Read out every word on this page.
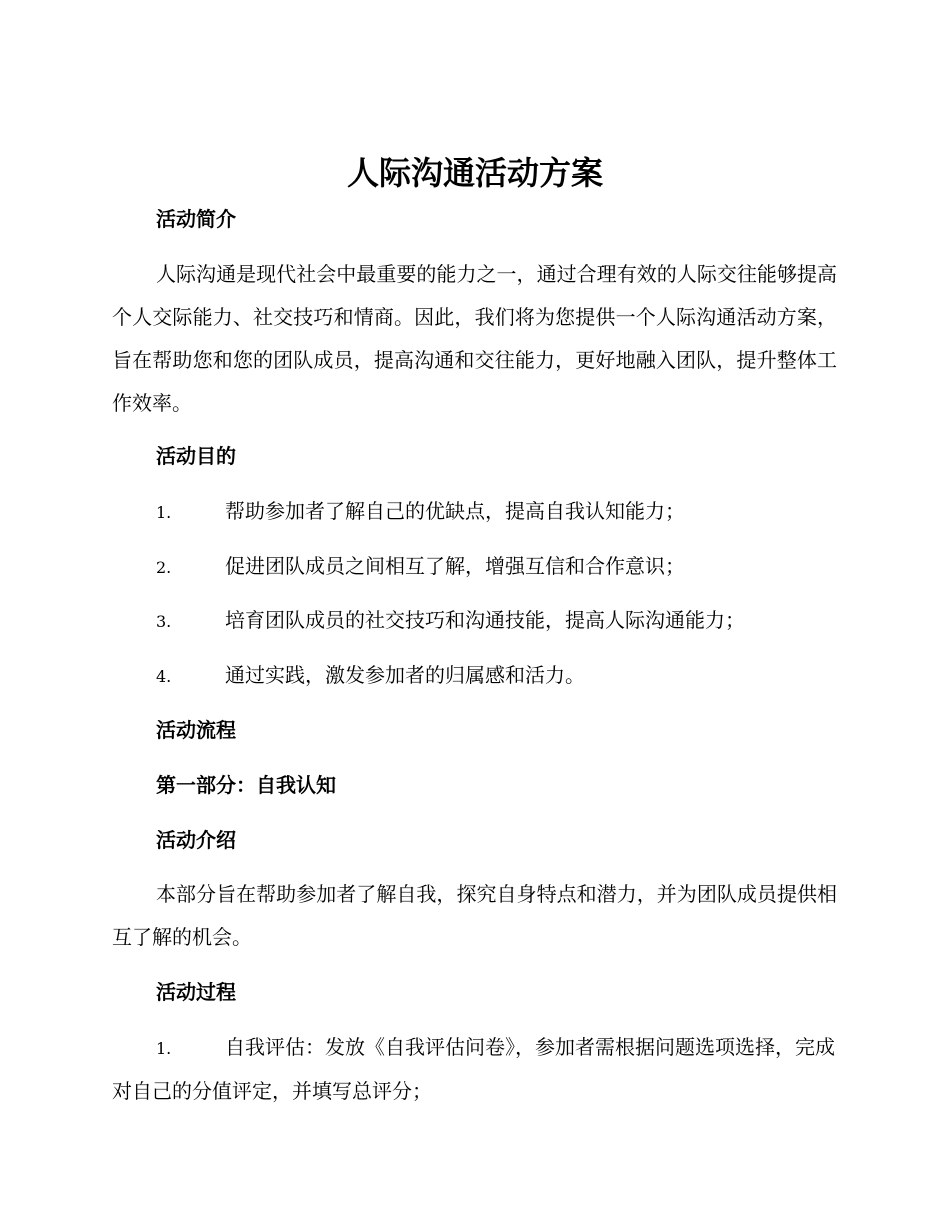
人际沟通活动方案
活动简介

人际沟通是现代社会中最重要的能力之一，通过合理有效的人际交往能够提高个人交际能力、社交技巧和情商。因此，我们将为您提供一个人际沟通活动方案，旨在帮助您和您的团队成员，提高沟通和交往能力，更好地融入团队，提升整体工作效率。

活动目的

1.	帮助参加者了解自己的优缺点，提高自我认知能力；

2.	促进团队成员之间相互了解，增强互信和合作意识；

3.	培育团队成员的社交技巧和沟通技能，提高人际沟通能力；

4.	通过实践，激发参加者的归属感和活力。

活动流程
第一部分：自我认知
活动介绍

本部分旨在帮助参加者了解自我，探究自身特点和潜力，并为团队成员提供相互了解的机会。

活动过程

1.	自我评估：发放《自我评估问卷》，参加者需根据问题选项选择，完成对自己的分值评定，并填写总评分；
